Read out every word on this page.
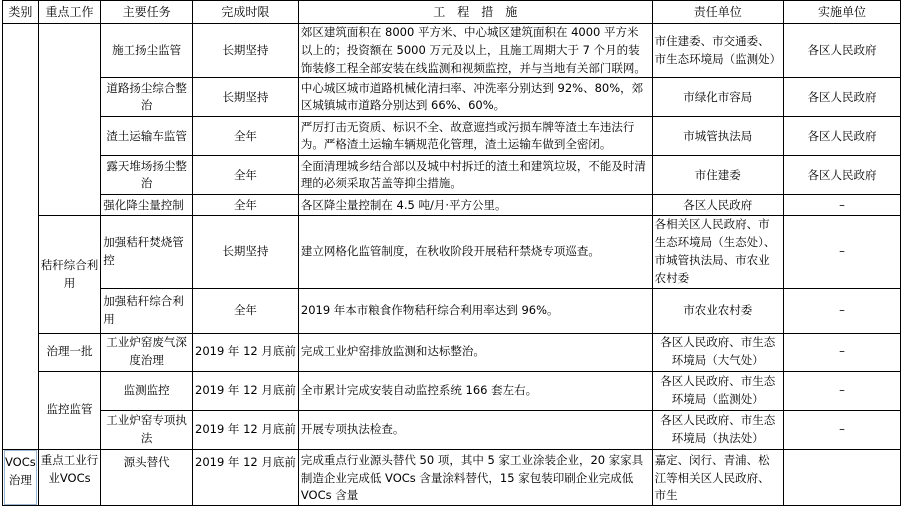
类别	重点工作	主要任务	完成时限	工　程　措　施	责任单位	实施单位
		施工扬尘监管	长期坚持	郊区建筑面积在 8000 平方米、中心城区建筑面积在 4000 平方米以上的；投资额在 5000 万元及以上，且施工周期大于 7 个月的装饰装修工程全部安装在线监测和视频监控，并与当地有关部门联网。	市住建委、市交通委、市生态环境局（监测处）	各区人民政府
		道路扬尘综合整治	长期坚持	中心城区城市道路机械化清扫率、冲洗率分别达到 92%、80%，郊区城镇城市道路分别达到 66%、60%。	市绿化市容局	各区人民政府
		渣土运输车监管	全年	严厉打击无资质、标识不全、故意遮挡或污损车牌等渣土车违法行为。严格渣土运输车辆规范化管理，渣土运输车做到全密闭。	市城管执法局	各区人民政府
		露天堆场扬尘整治	全年	全面清理城乡结合部以及城中村拆迁的渣土和建筑垃圾，不能及时清理的必须采取苫盖等抑尘措施。	市住建委	各区人民政府
		强化降尘量控制	全年	各区降尘量控制在 4.5 吨/月·平方公里。	各区人民政府	–
	秸秆综合利用	加强秸秆焚烧管控	长期坚持	建立网格化监管制度，在秋收阶段开展秸秆禁烧专项巡查。	各相关区人民政府、市生态环境局（生态处）、市城管执法局、市农业农村委	–
		加强秸秆综合利用	全年	2019 年本市粮食作物秸秆综合利用率达到 96%。	市农业农村委	–
	治理一批	工业炉窑废气深度治理	2019 年 12 月底前	完成工业炉窑排放监测和达标整治。	各区人民政府、市生态环境局（大气处）	–
	监控监管	监测监控	2019 年 12 月底前	全市累计完成安装自动监控系统 166 套左右。	各区人民政府、市生态环境局（监测处）	–
		工业炉窑专项执法	2019 年 12 月底前	开展专项执法检查。	各区人民政府、市生态环境局（执法处）	–
VOCs治理	重点工业行业VOCs	源头替代	2019 年 12 月底前	完成重点行业源头替代 50 项，其中 5 家工业涂装企业，20 家家具制造企业完成低 VOCs 含量涂料替代，15 家包装印刷企业完成低 VOCs 含量	嘉定、闵行、青浦、松江等相关区人民政府、市生	
